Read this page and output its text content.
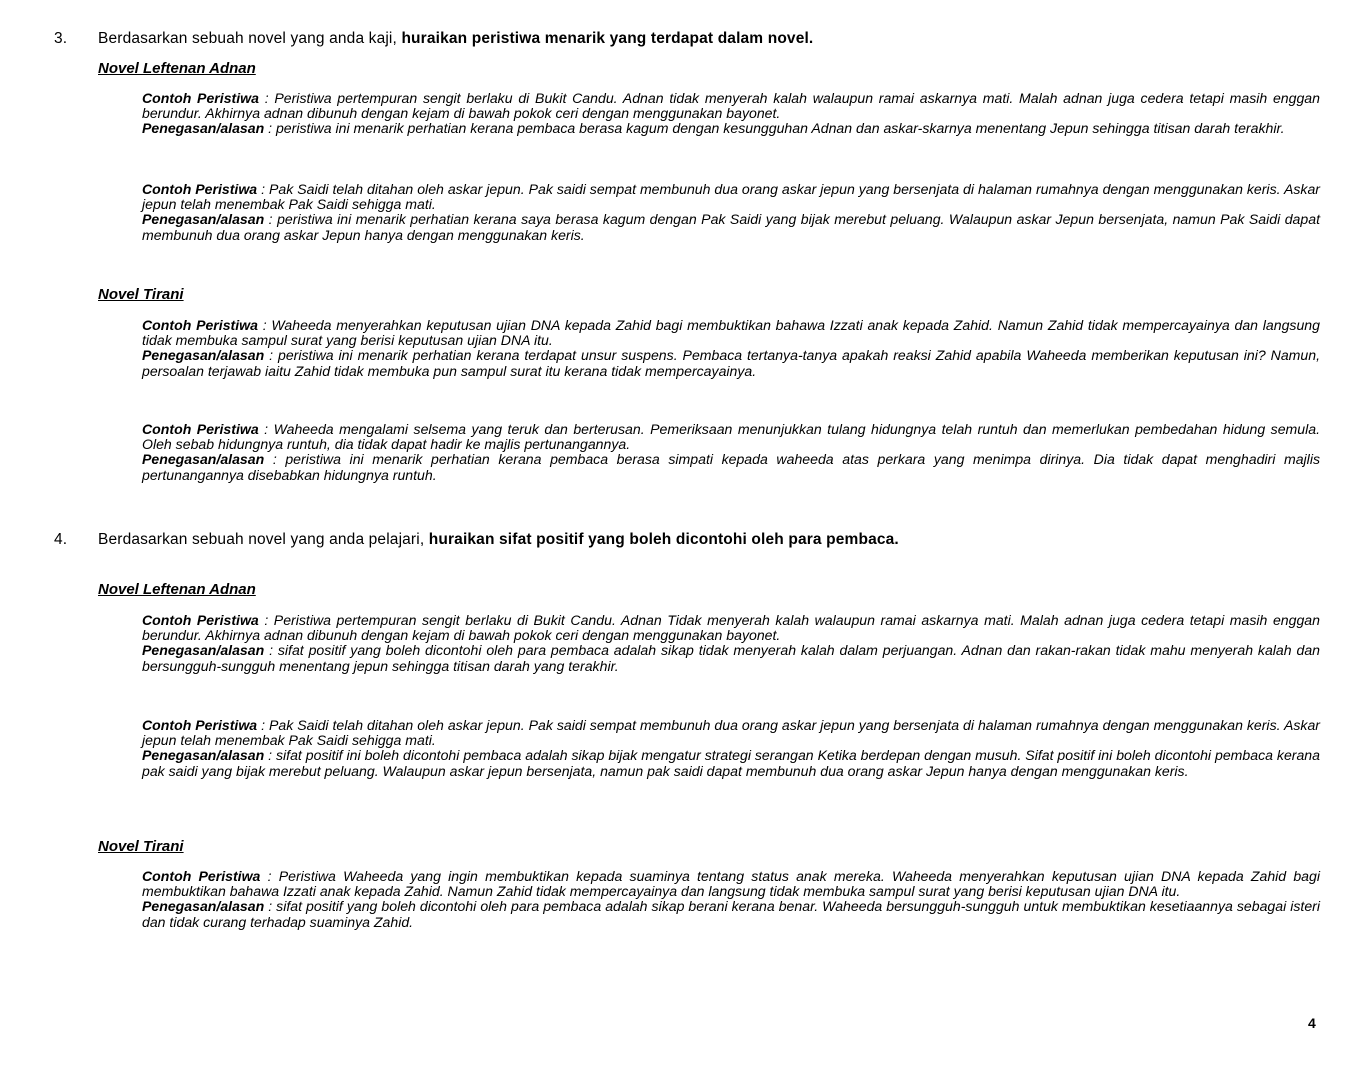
3.	Berdasarkan sebuah novel yang anda kaji, huraikan peristiwa menarik yang terdapat dalam novel.
Novel Leftenan Adnan
Contoh Peristiwa : Peristiwa pertempuran sengit berlaku di Bukit Candu. Adnan tidak menyerah kalah walaupun ramai askarnya mati. Malah adnan juga cedera tetapi masih enggan berundur. Akhirnya adnan dibunuh dengan kejam di bawah pokok ceri dengan menggunakan bayonet.
Penegasan/alasan : peristiwa ini menarik perhatian kerana pembaca berasa kagum dengan kesungguhan Adnan dan askar-skarnya menentang Jepun sehingga titisan darah terakhir.
Contoh Peristiwa : Pak Saidi telah ditahan oleh askar jepun. Pak saidi sempat membunuh dua orang askar jepun yang bersenjata di halaman rumahnya dengan menggunakan keris. Askar jepun telah menembak Pak Saidi sehigga mati.
Penegasan/alasan : peristiwa ini menarik perhatian kerana saya berasa kagum dengan Pak Saidi yang bijak merebut peluang. Walaupun askar Jepun bersenjata, namun Pak Saidi dapat membunuh dua orang askar Jepun hanya dengan menggunakan keris.
Novel Tirani
Contoh Peristiwa : Waheeda menyerahkan keputusan ujian DNA kepada Zahid bagi membuktikan bahawa Izzati anak kepada Zahid. Namun Zahid tidak mempercayainya dan langsung tidak membuka sampul surat yang berisi keputusan ujian DNA itu.
Penegasan/alasan : peristiwa ini menarik perhatian kerana terdapat unsur suspens. Pembaca tertanya-tanya apakah reaksi Zahid apabila Waheeda memberikan keputusan ini? Namun, persoalan terjawab iaitu Zahid tidak membuka pun sampul surat itu kerana tidak mempercayainya.
Contoh Peristiwa : Waheeda mengalami selsema yang teruk dan berterusan. Pemeriksaan menunjukkan tulang hidungnya telah runtuh dan memerlukan pembedahan hidung semula. Oleh sebab hidungnya runtuh, dia tidak dapat hadir ke majlis pertunangannya.
Penegasan/alasan : peristiwa ini menarik perhatian kerana pembaca berasa simpati kepada waheeda atas perkara yang menimpa dirinya. Dia tidak dapat menghadiri majlis pertunangannya disebabkan hidungnya runtuh.
4.	Berdasarkan sebuah novel yang anda pelajari, huraikan sifat positif yang boleh dicontohi oleh para pembaca.
Novel Leftenan Adnan
Contoh Peristiwa : Peristiwa pertempuran sengit berlaku di Bukit Candu. Adnan Tidak menyerah kalah walaupun ramai askarnya mati. Malah adnan juga cedera tetapi masih enggan berundur. Akhirnya adnan dibunuh dengan kejam di bawah pokok ceri dengan menggunakan bayonet.
Penegasan/alasan : sifat positif yang boleh dicontohi oleh para pembaca adalah sikap tidak menyerah kalah dalam perjuangan. Adnan dan rakan-rakan tidak mahu menyerah kalah dan bersungguh-sungguh menentang jepun sehingga titisan darah yang terakhir.
Contoh Peristiwa : Pak Saidi telah ditahan oleh askar jepun. Pak saidi sempat membunuh dua orang askar jepun yang bersenjata di halaman rumahnya dengan menggunakan keris. Askar jepun telah menembak Pak Saidi sehigga mati.
Penegasan/alasan : sifat positif ini boleh dicontohi pembaca adalah sikap bijak mengatur strategi serangan Ketika berdepan dengan musuh. Sifat positif ini boleh dicontohi pembaca kerana pak saidi yang bijak merebut peluang. Walaupun askar jepun bersenjata, namun pak saidi dapat membunuh dua orang askar Jepun hanya dengan menggunakan keris.
Novel Tirani
Contoh Peristiwa : Peristiwa Waheeda yang ingin membuktikan kepada suaminya tentang status anak mereka. Waheeda menyerahkan keputusan ujian DNA kepada Zahid bagi membuktikan bahawa Izzati anak kepada Zahid. Namun Zahid tidak mempercayainya dan langsung tidak membuka sampul surat yang berisi keputusan ujian DNA itu.
Penegasan/alasan : sifat positif yang boleh dicontohi oleh para pembaca adalah sikap berani kerana benar. Waheeda bersungguh-sungguh untuk membuktikan kesetiaannya sebagai isteri dan tidak curang terhadap suaminya Zahid.
4
